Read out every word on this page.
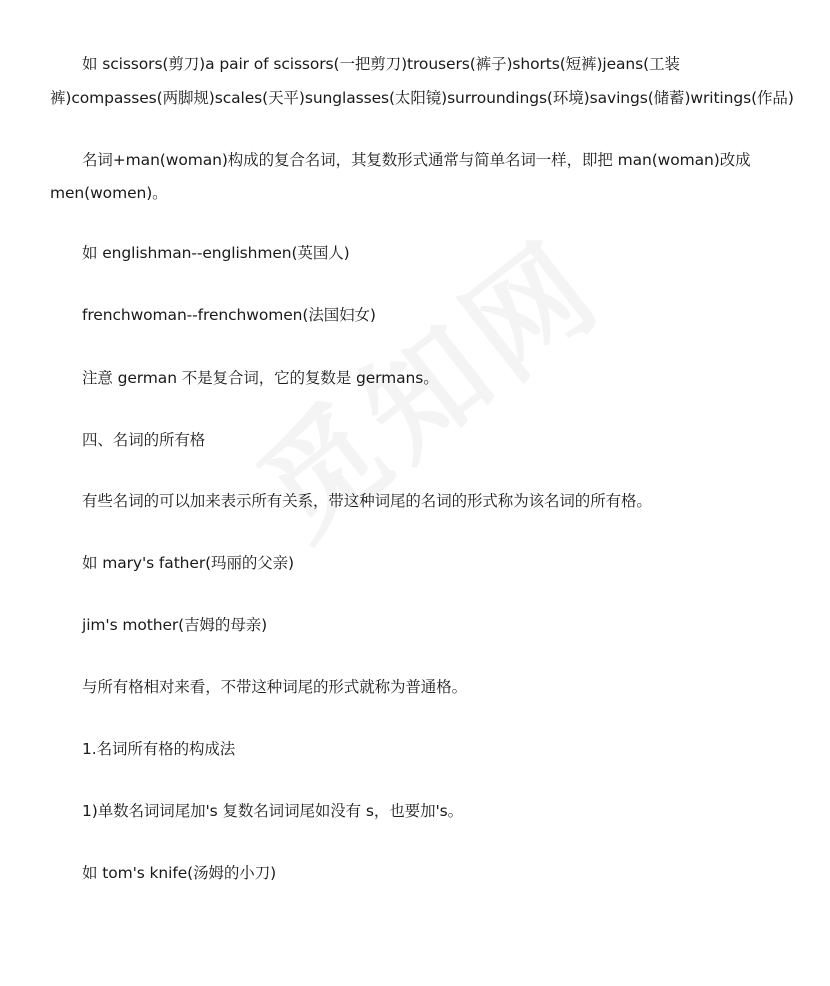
如 scissors(剪刀)a pair of scissors(一把剪刀)trousers(裤子)shorts(短裤)jeans(工装

裤)compasses(两脚规)scales(天平)sunglasses(太阳镜)surroundings(环境)savings(储蓄)writings(作品)

名词+man(woman)构成的复合名词，其复数形式通常与简单名词一样，即把 man(woman)改成

men(women)。

如 englishman--englishmen(英国人)

frenchwoman--frenchwomen(法国妇女)

注意 german 不是复合词，它的复数是 germans。

四、名词的所有格

有些名词的可以加来表示所有关系，带这种词尾的名词的形式称为该名词的所有格。

如 mary's father(玛丽的父亲)

jim's mother(吉姆的母亲)

与所有格相对来看，不带这种词尾的形式就称为普通格。

1.名词所有格的构成法

1)单数名词词尾加's 复数名词词尾如没有 s，也要加's。

如 tom's knife(汤姆的小刀)
